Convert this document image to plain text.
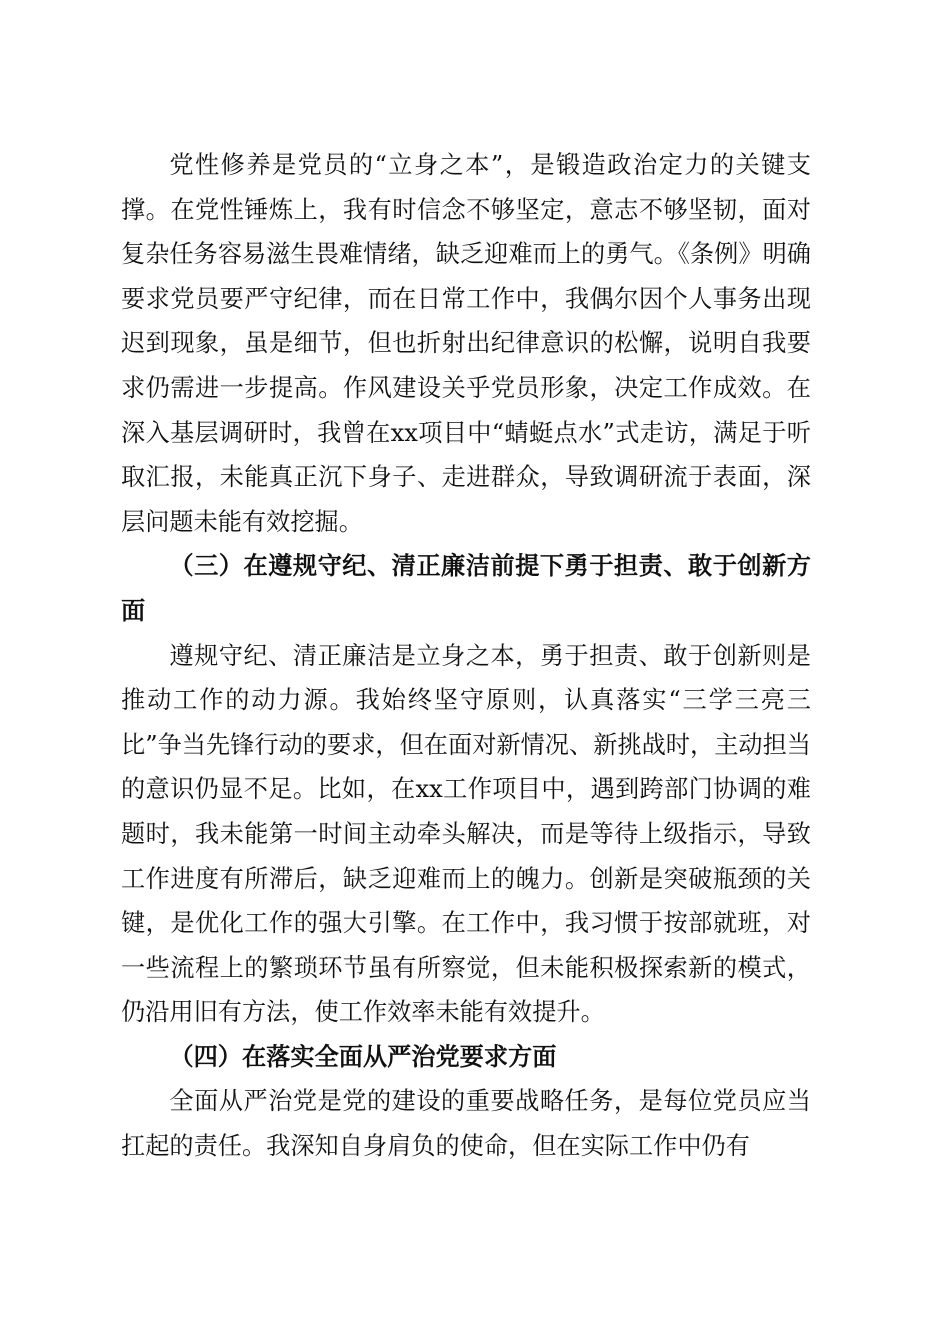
党性修养是党员的“立身之本”，是锻造政治定力的关键支撑。在党性锤炼上，我有时信念不够坚定，意志不够坚韧，面对复杂任务容易滋生畏难情绪，缺乏迎难而上的勇气。《条例》明确要求党员要严守纪律，而在日常工作中，我偶尔因个人事务出现迟到现象，虽是细节，但也折射出纪律意识的松懈，说明自我要求仍需进一步提高。作风建设关乎党员形象，决定工作成效。在深入基层调研时，我曾在xx项目中“蜻蜓点水”式走访，满足于听取汇报，未能真正沉下身子、走进群众，导致调研流于表面，深层问题未能有效挖掘。

（三）在遵规守纪、清正廉洁前提下勇于担责、敢于创新方面

遵规守纪、清正廉洁是立身之本，勇于担责、敢于创新则是推动工作的动力源。我始终坚守原则，认真落实“三学三亮三比”争当先锋行动的要求，但在面对新情况、新挑战时，主动担当的意识仍显不足。比如，在xx工作项目中，遇到跨部门协调的难题时，我未能第一时间主动牵头解决，而是等待上级指示，导致工作进度有所滞后，缺乏迎难而上的魄力。创新是突破瓶颈的关键，是优化工作的强大引擎。在工作中，我习惯于按部就班，对一些流程上的繁琐环节虽有所察觉，但未能积极探索新的模式，仍沿用旧有方法，使工作效率未能有效提升。

（四）在落实全面从严治党要求方面

全面从严治党是党的建设的重要战略任务，是每位党员应当扛起的责任。我深知自身肩负的使命，但在实际工作中仍有
